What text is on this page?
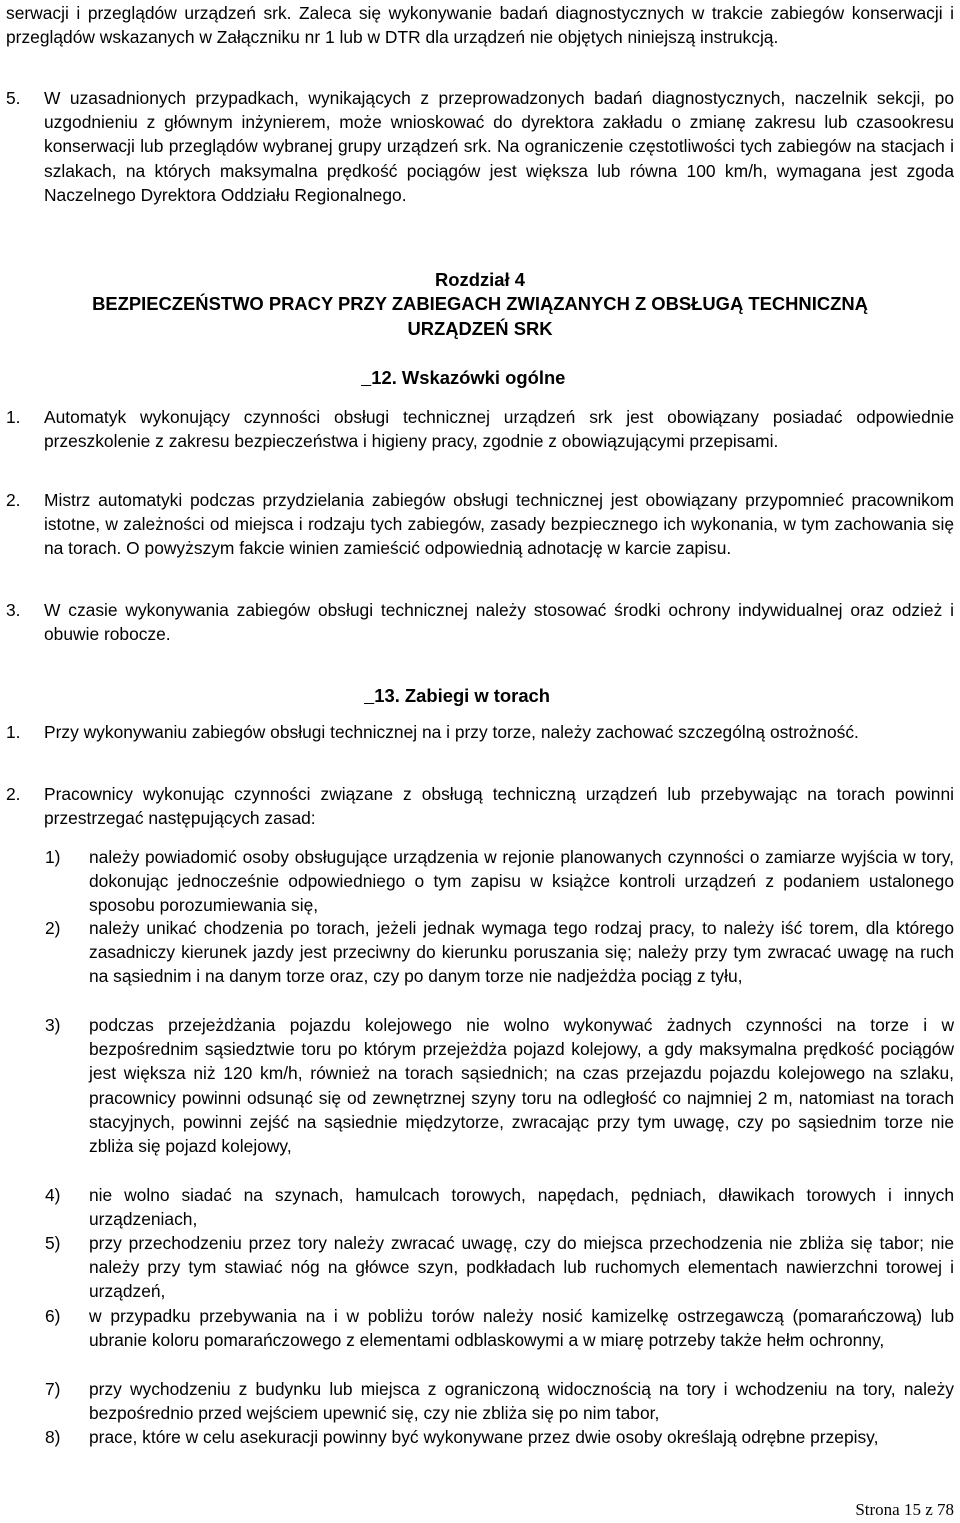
serwacji i przeglądów urządzeń srk. Zaleca się wykonywanie badań diagnostycznych w trakcie zabiegów konserwacji i przeglądów wskazanych w Załączniku nr 1 lub w DTR dla urządzeń nie objętych niniejszą instrukcją.

5. W uzasadnionych przypadkach, wynikających z przeprowadzonych badań diagnostycznych, naczelnik sekcji, po uzgodnieniu z głównym inżynierem, może wnioskować do dyrektora zakładu o zmianę zakresu lub czasookresu konserwacji lub przeglądów wybranej grupy urządzeń srk. Na ograniczenie częstotliwości tych zabiegów na stacjach i szlakach, na których maksymalna prędkość pociągów jest większa lub równa 100 km/h, wymagana jest zgoda Naczelnego Dyrektora Oddziału Regionalnego.

Rozdział 4

BEZPIECZEŃSTWO PRACY PRZY ZABIEGACH ZWIĄZANYCH Z OBSŁUGĄ TECHNICZNĄ

URZĄDZEŃ SRK

12. Wskazówki ogólne

1. Automatyk wykonujący czynności obsługi technicznej urządzeń srk jest obowiązany posiadać odpowiednie przeszkolenie z zakresu bezpieczeństwa i higieny pracy, zgodnie z obowiązującymi przepisami.

2. Mistrz automatyki podczas przydzielania zabiegów obsługi technicznej jest obowiązany przypomnieć pracownikom istotne, w zależności od miejsca i rodzaju tych zabiegów, zasady bezpiecznego ich wykonania, w tym zachowania się na torach. O powyższym fakcie winien zamieścić odpowiednią adnotację w karcie zapisu.

3. W czasie wykonywania zabiegów obsługi technicznej należy stosować środki ochrony indywidualnej oraz odzież i obuwie robocze.

13. Zabiegi w torach

1. Przy wykonywaniu zabiegów obsługi technicznej na i przy torze, należy zachować szczególną ostrożność.

2. Pracownicy wykonując czynności związane z obsługą techniczną urządzeń lub przebywając na torach powinni przestrzegać następujących zasad:

1) należy powiadomić osoby obsługujące urządzenia w rejonie planowanych czynności o zamiarze wyjścia w tory, dokonując jednocześnie odpowiedniego o tym zapisu w książce kontroli urządzeń z podaniem ustalonego sposobu porozumiewania się,

2) należy unikać chodzenia po torach, jeżeli jednak wymaga tego rodzaj pracy, to należy iść torem, dla którego zasadniczy kierunek jazdy jest przeciwny do kierunku poruszania się; należy przy tym zwracać uwagę na ruch na sąsiednim i na danym torze oraz, czy po danym torze nie nadjeżdża pociąg z tyłu,

3) podczas przejeżdżania pojazdu kolejowego nie wolno wykonywać żadnych czynności na torze i w bezpośrednim sąsiedztwie toru po którym przejeżdża pojazd kolejowy, a gdy maksymalna prędkość pociągów jest większa niż 120 km/h, również na torach sąsiednich; na czas przejazdu pojazdu kolejowego na szlaku, pracownicy powinni odsunąć się od zewnętrznej szyny toru na odległość co najmniej 2 m, natomiast na torach stacyjnych, powinni zejść na sąsiednie międzytorze, zwracając przy tym uwagę, czy po sąsiednim torze nie zbliża się pojazd kolejowy,

4) nie wolno siadać na szynach, hamulcach torowych, napędach, pędniach, dławikach torowych i innych urządzeniach,

5) przy przechodzeniu przez tory należy zwracać uwagę, czy do miejsca przechodzenia nie zbliża się tabor; nie należy przy tym stawiać nóg na główce szyn, podkładach lub ruchomych elementach nawierzchni torowej i urządzeń,

6) w przypadku przebywania na i w pobliżu torów należy nosić kamizelkę ostrzegawczą (pomarańczową) lub ubranie koloru pomarańczowego z elementami odblaskowymi a w miarę potrzeby także hełm ochronny,

7) przy wychodzeniu z budynku lub miejsca z ograniczoną widocznością na tory i wchodzeniu na tory, należy bezpośrednio przed wejściem upewnić się, czy nie zbliża się po nim tabor,

8) prace, które w celu asekuracji powinny być wykonywane przez dwie osoby określają odrębne przepisy,

Strona 15 z 78
